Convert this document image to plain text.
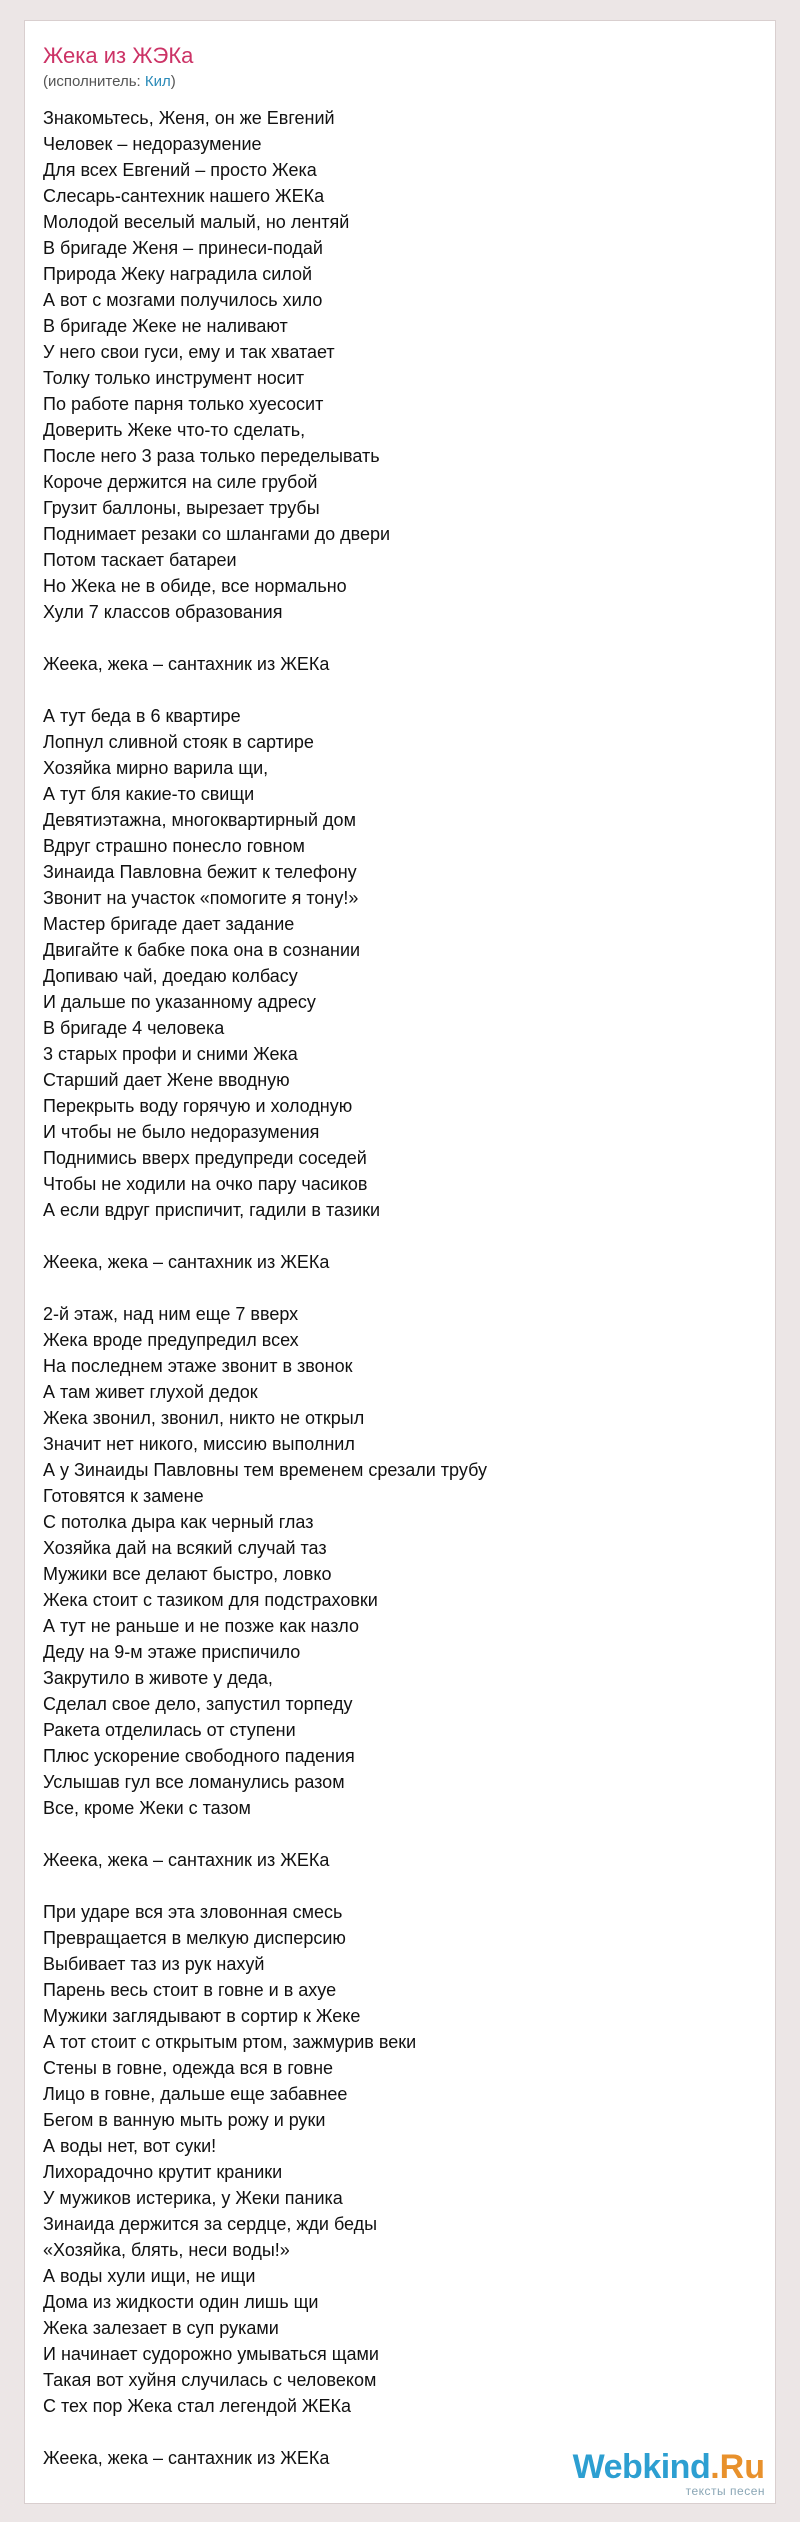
Жека из ЖЭКа
(исполнитель: Кил)
Знакомьтесь, Женя, он же Евгений
Человек – недоразумение
Для всех Евгений – просто Жека
Слесарь-сантехник нашего ЖЕКа
Молодой веселый малый, но лентяй
В бригаде Женя – принеси-подай
Природа Жеку наградила силой
А вот с мозгами получилось хило
В бригаде Жеке не наливают
У него свои гуси, ему и так хватает
Толку только инструмент носит
По работе парня только хуесосит
Доверить Жеке что-то сделать,
После него 3 раза только переделывать
Короче держится на силе грубой
Грузит баллоны, вырезает трубы
Поднимает резаки со шлангами до двери
Потом таскает батареи
Но Жека не в обиде, все нормально
Хули 7 классов образования
Жеека, жека – сантахник из ЖЕКа
А тут беда в 6 квартире
Лопнул сливной стояк в сартире
Хозяйка мирно варила щи,
А тут бля какие-то свищи
Девятиэтажна, многоквартирный дом
Вдруг страшно понесло говном
Зинаида Павловна бежит к телефону
Звонит на участок «помогите я тону!»
Мастер бригаде дает задание
Двигайте к бабке пока она в сознании
Допиваю чай, доедаю колбасу
И дальше по указанному адресу
В бригаде 4 человека
3 старых профи и сними Жека
Старший дает Жене вводную
Перекрыть воду горячую и холодную
И чтобы не было недоразумения
Поднимись вверх предупреди соседей
Чтобы не ходили на очко пару часиков
А если вдруг приспичит, гадили в тазики
Жеека, жека – сантахник из ЖЕКа
2-й этаж, над ним еще 7 вверх
Жека вроде предупредил всех
На последнем этаже звонит в звонок
А там живет глухой дедок
Жека звонил, звонил, никто не открыл
Значит нет никого, миссию выполнил
А у Зинаиды Павловны тем временем срезали трубу
Готовятся к замене
С потолка дыра как черный глаз
Хозяйка дай на всякий случай таз
Мужики все делают быстро, ловко
Жека стоит с тазиком для подстраховки
А тут не раньше и не позже как назло
Деду на 9-м этаже приспичило
Закрутило в животе у деда,
Сделал свое дело, запустил торпеду
Ракета отделилась от ступени
Плюс ускорение свободного падения
Услышав гул все ломанулись разом
Все, кроме Жеки с тазом
Жеека, жека – сантахник из ЖЕКа
При ударе вся эта зловонная смесь
Превращается в мелкую дисперсию
Выбивает таз из рук нахуй
Парень весь стоит в говне и в ахуе
Мужики заглядывают в сортир к Жеке
А тот стоит с открытым ртом, зажмурив веки
Стены в говне, одежда вся в говне
Лицо в говне, дальше еще забавнее
Бегом в ванную мыть рожу и руки
А воды нет, вот суки!
Лихорадочно крутит краники
У мужиков истерика, у Жеки паника
Зинаида держится за сердце, жди беды
«Хозяйка, блять, неси воды!»
А воды хули ищи, не ищи
Дома из жидкости один лишь щи
Жека залезает в суп руками
И начинает судорожно умываться щами
Такая вот хуйня случилась с человеком
С тех пор Жека стал легендой ЖЕКа
Жеека, жека – сантахник из ЖЕКа	Webkind.Ru
тексты песен
